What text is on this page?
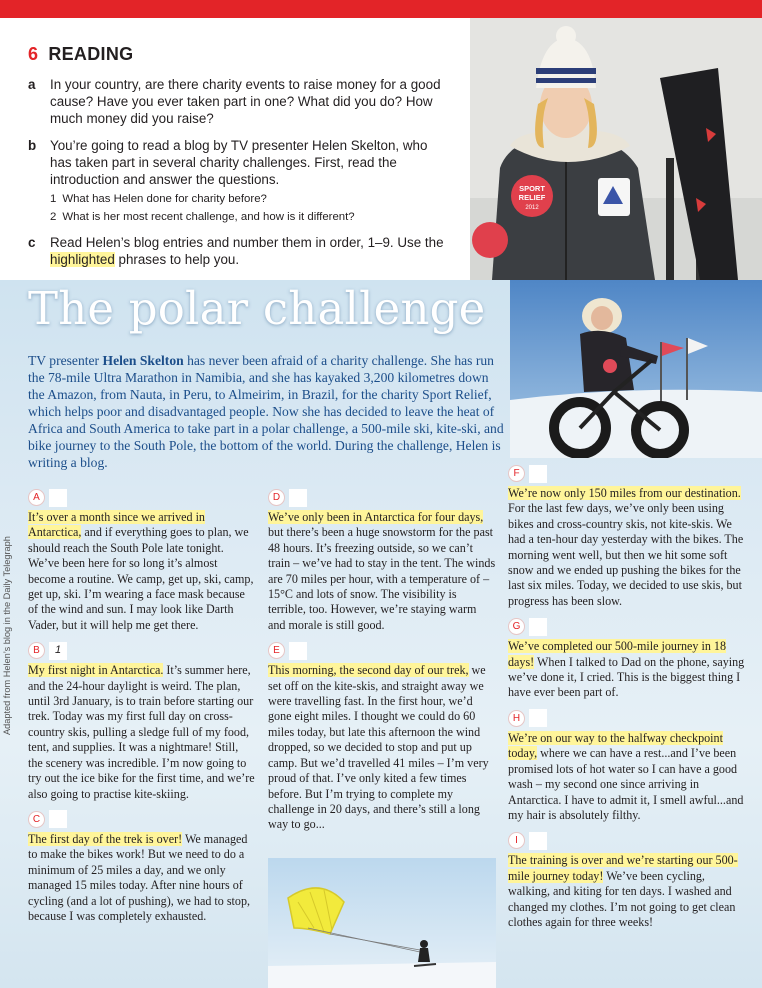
6 READING
a In your country, are there charity events to raise money for a good cause? Have you ever taken part in one? What did you do? How much money did you raise?
b You’re going to read a blog by TV presenter Helen Skelton, who has taken part in several charity challenges. First, read the introduction and answer the questions.
1 What has Helen done for charity before?
2 What is her most recent challenge, and how is it different?
c Read Helen’s blog entries and number them in order, 1–9. Use the highlighted phrases to help you.
SPORT
RELIEF
2012
The polar challenge
TV presenter Helen Skelton has never been afraid of a charity challenge. She has run the 78-mile Ultra Marathon in Namibia, and she has kayaked 3,200 kilometres down the Amazon, from Nauta, in Peru, to Almeirim, in Brazil, for the charity Sport Relief, which helps poor and disadvantaged people. Now she has decided to leave the heat of Africa and South America to take part in a polar challenge, a 500-mile ski, kite-ski, and bike journey to the South Pole, the bottom of the world. During the challenge, Helen is writing a blog.
Adapted from Helen’s blog in the Daily Telegraph
A

It’s over a month since we arrived in Antarctica, and if everything goes to plan, we should reach the South Pole late tonight. We’ve been here for so long it’s almost become a routine. We camp, get up, ski, camp, get up, ski. I’m wearing a face mask because of the wind and sun. I may look like Darth Vader, but it will help me get there.

B	1

My first night in Antarctica. It’s summer here, and the 24-hour daylight is weird. The plan, until 3rd January, is to train before starting our trek. Today was my first full day on cross-country skis, pulling a sledge full of my food, tent, and supplies. It was a nightmare! Still, the scenery was incredible. I’m now going to try out the ice bike for the first time, and we’re also going to practise kite-skiing.

C

The first day of the trek is over! We managed to make the bikes work! But we need to do a minimum of 25 miles a day, and we only managed 15 miles today. After nine hours of cycling (and a lot of pushing), we had to stop, because I was completely exhausted.

D

We’ve only been in Antarctica for four days, but there’s been a huge snowstorm for the past 48 hours. It’s freezing outside, so we can’t train – we’ve had to stay in the tent. The winds are 70 miles per hour, with a temperature of –15°C and lots of snow. The visibility is terrible, too. However, we’re staying warm and morale is still good.

E

This morning, the second day of our trek, we set off on the kite-skis, and straight away we were travelling fast. In the first hour, we’d gone eight miles. I thought we could do 60 miles today, but late this afternoon the wind dropped, so we decided to stop and put up camp. But we’d travelled 41 miles – I’m very proud of that. I’ve only kited a few times before. But I’m trying to complete my challenge in 20 days, and there’s still a long way to go...

F

We’re now only 150 miles from our destination. For the last few days, we’ve only been using bikes and cross-country skis, not kite-skis. We had a ten-hour day yesterday with the bikes. The morning went well, but then we hit some soft snow and we ended up pushing the bikes for the last six miles. Today, we decided to use skis, but progress has been slow.

G

We’ve completed our 500-mile journey in 18 days! When I talked to Dad on the phone, saying we’ve done it, I cried. This is the biggest thing I have ever been part of.

H

We’re on our way to the halfway checkpoint today, where we can have a rest...and I’ve been promised lots of hot water so I can have a good wash – my second one since arriving in Antarctica. I have to admit it, I smell awful...and my hair is absolutely filthy.

I

The training is over and we’re starting our 500-mile journey today! We’ve been cycling, walking, and kiting for ten days. I washed and changed my clothes. I’m not going to get clean clothes again for three weeks!
